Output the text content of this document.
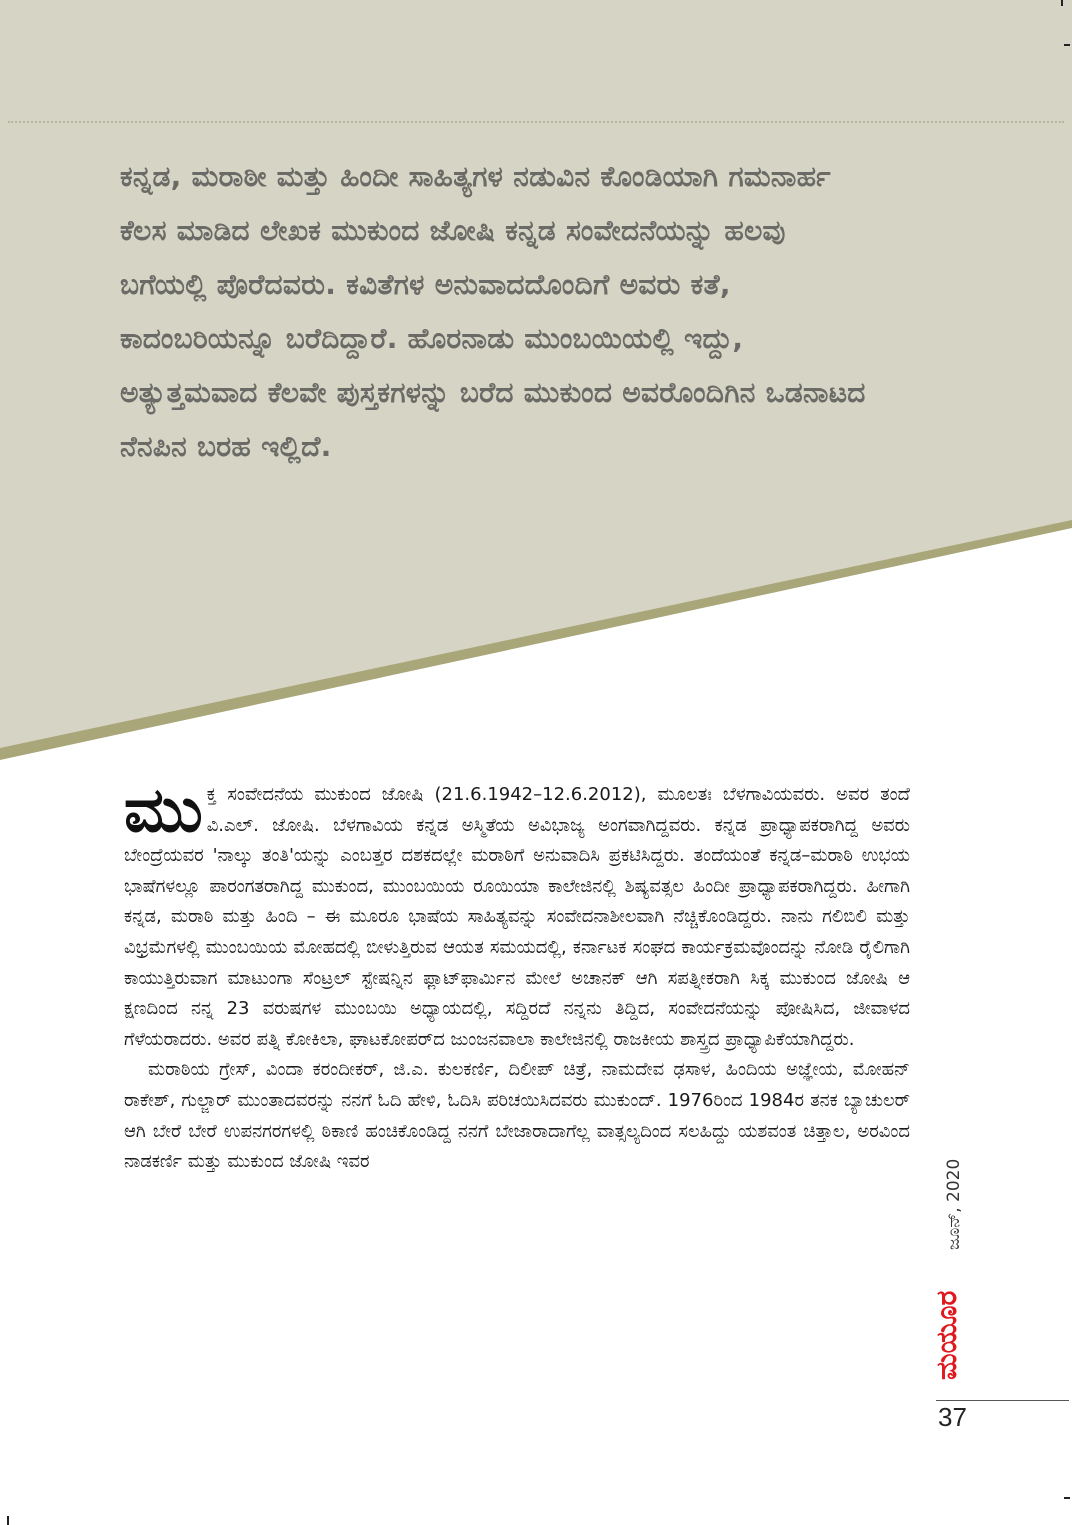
ಕನ್ನಡ, ಮರಾಠೀ ಮತ್ತು ಹಿಂದೀ ಸಾಹಿತ್ಯಗಳ ನಡುವಿನ ಕೊಂಡಿಯಾಗಿ ಗಮನಾರ್ಹ ಕೆಲಸ ಮಾಡಿದ ಲೇಖಕ ಮುಕುಂದ ಜೋಷಿ ಕನ್ನಡ ಸಂವೇದನೆಯನ್ನು ಹಲವು ಬಗೆಯಲ್ಲಿ ಪೊರೆದವರು. ಕವಿತೆಗಳ ಅನುವಾದದೊಂದಿಗೆ ಅವರು ಕತೆ, ಕಾದಂಬರಿಯನ್ನೂ ಬರೆದಿದ್ದಾರೆ. ಹೊರನಾಡು ಮುಂಬಯಿಯಲ್ಲಿ ಇದ್ದು, ಅತ್ಯುತ್ತಮವಾದ ಕೆಲವೇ ಪುಸ್ತಕಗಳನ್ನು ಬರೆದ ಮುಕುಂದ ಅವರೊಂದಿಗಿನ ಒಡನಾಟದ ನೆನಪಿನ ಬರಹ ಇಲ್ಲಿದೆ.

ಮುಕ್ತ ಸಂವೇದನೆಯ ಮುಕುಂದ ಜೋಷಿ (21.6.1942–12.6.2012), ಮೂಲತಃ ಬೆಳಗಾವಿಯವರು. ಅವರ ತಂದೆ ವಿ.ಎಲ್. ಜೋಷಿ. ಬೆಳಗಾವಿಯ ಕನ್ನಡ ಅಸ್ಮಿತೆಯ ಅವಿಭಾಜ್ಯ ಅಂಗವಾಗಿದ್ದವರು. ಕನ್ನಡ ಪ್ರಾಧ್ಯಾಪಕರಾಗಿದ್ದ ಅವರು ಬೇಂದ್ರೆಯವರ 'ನಾಲ್ಕು ತಂತಿ'ಯನ್ನು ಎಂಬತ್ತರ ದಶಕದಲ್ಲೇ ಮರಾಠಿಗೆ ಅನುವಾದಿಸಿ ಪ್ರಕಟಿಸಿದ್ದರು. ತಂದೆಯಂತೆ ಕನ್ನಡ–ಮರಾಠಿ ಉಭಯ ಭಾಷೆಗಳಲ್ಲೂ ಪಾರಂಗತರಾಗಿದ್ದ ಮುಕುಂದ, ಮುಂಬಯಿಯ ರೂಯಿಯಾ ಕಾಲೇಜಿನಲ್ಲಿ ಶಿಷ್ಯವತ್ಸಲ ಹಿಂದೀ ಪ್ರಾಧ್ಯಾಪಕರಾಗಿದ್ದರು. ಹೀಗಾಗಿ ಕನ್ನಡ, ಮರಾಠಿ ಮತ್ತು ಹಿಂದಿ – ಈ ಮೂರೂ ಭಾಷೆಯ ಸಾಹಿತ್ಯವನ್ನು ಸಂವೇದನಾಶೀಲವಾಗಿ ನೆಚ್ಚಿಕೊಂಡಿದ್ದರು. ನಾನು ಗಲಿಬಿಲಿ ಮತ್ತು ವಿಭ್ರಮೆಗಳಲ್ಲಿ ಮುಂಬಯಿಯ ಮೋಹದಲ್ಲಿ ಬೀಳುತ್ತಿರುವ ಆಯತ ಸಮಯದಲ್ಲಿ, ಕರ್ನಾಟಕ ಸಂಘದ ಕಾರ್ಯಕ್ರಮವೊಂದನ್ನು ನೋಡಿ ರೈಲಿಗಾಗಿ ಕಾಯುತ್ತಿರುವಾಗ ಮಾಟುಂಗಾ ಸೆಂಟ್ರಲ್ ಸ್ಟೇಷನ್ನಿನ ಫ್ಲಾಟ್‌ಫಾರ್ಮಿನ ಮೇಲೆ ಅಚಾನಕ್ ಆಗಿ ಸಪತ್ನೀಕರಾಗಿ ಸಿಕ್ಕ ಮುಕುಂದ ಜೋಷಿ ಆ ಕ್ಷಣದಿಂದ ನನ್ನ 23 ವರುಷಗಳ ಮುಂಬಯಿ ಅಧ್ಯಾಯದಲ್ಲಿ, ಸದ್ದಿರದೆ ನನ್ನನು ತಿದ್ದಿದ, ಸಂವೇದನೆಯನ್ನು ಪೋಷಿಸಿದ, ಜೀವಾಳದ ಗೆಳೆಯರಾದರು. ಅವರ ಪತ್ನಿ ಕೋಕಿಲಾ, ಘಾಟಕೋಪರ್‌ದ ಜುಂಜನವಾಲಾ ಕಾಲೇಜಿನಲ್ಲಿ ರಾಜಕೀಯ ಶಾಸ್ತ್ರದ ಪ್ರಾಧ್ಯಾಪಿಕೆಯಾಗಿದ್ದರು.

ಮರಾಠಿಯ ಗ್ರೇಸ್, ವಿಂದಾ ಕರಂದೀಕರ್, ಜಿ.ಎ. ಕುಲಕರ್ಣಿ, ದಿಲೀಪ್ ಚಿತ್ರೆ, ನಾಮದೇವ ಢಸಾಳ, ಹಿಂದಿಯ ಅಜ್ಞೇಯ, ಮೋಹನ್ ರಾಕೇಶ್, ಗುಲ್ಜಾರ್ ಮುಂತಾದವರನ್ನು ನನಗೆ ಓದಿ ಹೇಳಿ, ಓದಿಸಿ ಪರಿಚಯಿಸಿದವರು ಮುಕುಂದ್. 1976ರಿಂದ 1984ರ ತನಕ ಬ್ಯಾಚುಲರ್ ಆಗಿ ಬೇರೆ ಬೇರೆ ಉಪನಗರಗಳಲ್ಲಿ ಠಿಕಾಣಿ ಹಂಚಿಕೊಂಡಿದ್ದ ನನಗೆ ಬೇಜಾರಾದಾಗೆಲ್ಲ ವಾತ್ಸಲ್ಯದಿಂದ ಸಲಹಿದ್ದು ಯಶವಂತ ಚಿತ್ತಾಲ, ಅರವಿಂದ ನಾಡಕರ್ಣಿ ಮತ್ತು ಮುಕುಂದ ಜೋಷಿ ಇವರ	ಜೂನ್, 2020
ಮಯೂರ
37
